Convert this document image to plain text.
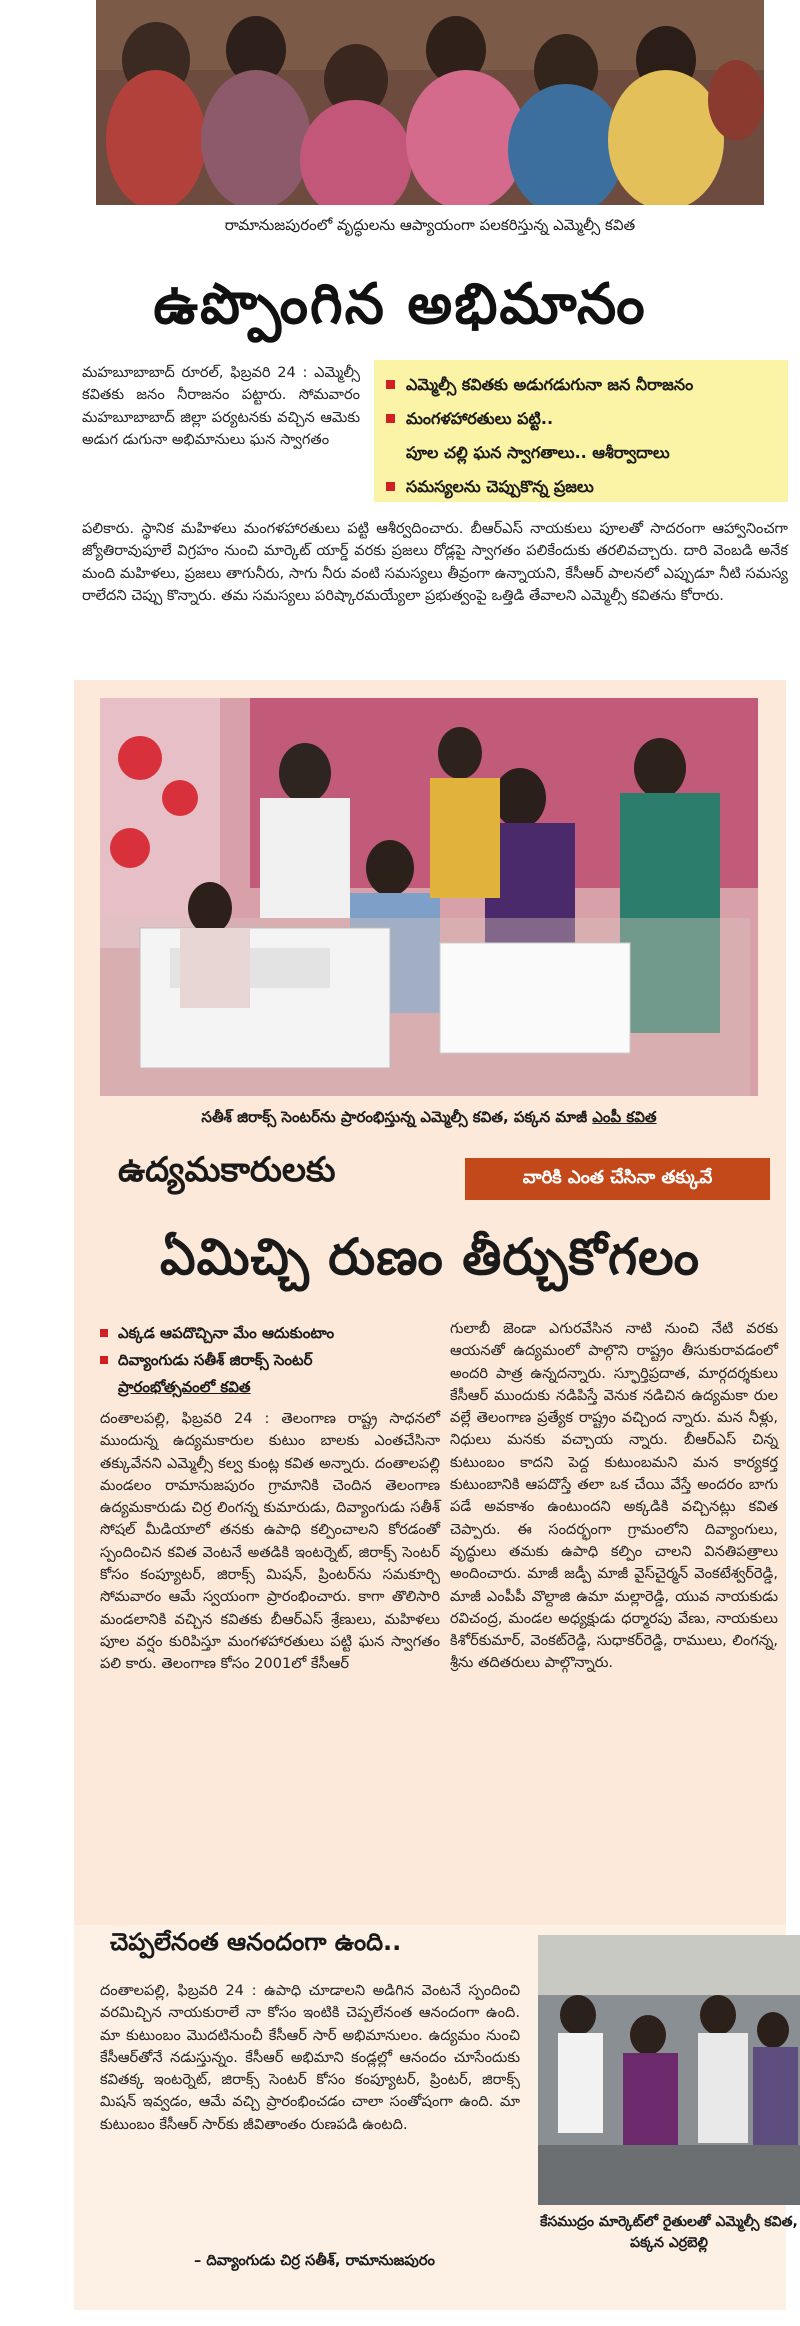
రామానుజపురంలో వృద్ధులను ఆప్యాయంగా పలకరిస్తున్న ఎమ్మెల్సీ కవిత
ఉప్పొంగిన అభిమానం
మహబూబాబాద్ రూరల్, ఫిబ్రవరి 24 : ఎమ్మెల్సీ కవితకు జనం నీరాజనం పట్టారు. సోమవారం మహబూబాబాద్ జిల్లా పర్యటనకు వచ్చిన ఆమెకు అడుగ డుగునా అభిమానులు ఘన స్వాగతం
ఎమ్మెల్సీ కవితకు అడుగడుగునా జన నీరాజనం
మంగళహారతులు పట్టి..
పూల చల్లి ఘన స్వాగతాలు.. ఆశీర్వాదాలు
సమస్యలను చెప్పుకొన్న ప్రజలు
పలికారు. స్థానిక మహిళలు మంగళహారతులు పట్టి ఆశీర్వదించారు. బీఆర్ఎస్ నాయకులు పూలతో సాదరంగా ఆహ్వానించగా జ్యోతిరావుపూలే విగ్రహం నుంచి మార్కెట్ యార్డ్ వరకు ప్రజలు రోడ్లపై స్వాగతం పలికేందుకు తరలివచ్చారు. దారి వెంబడి అనేక మంది మహిళలు, ప్రజలు తాగునీరు, సాగు నీరు వంటి సమస్యలు తీవ్రంగా ఉన్నాయని, కేసీఆర్ పాలనలో ఎప్పుడూ నీటి సమస్య రాలేదని చెప్పు కొన్నారు. తమ సమస్యలు పరిష్కారమయ్యేలా ప్రభుత్వంపై ఒత్తిడి తేవాలని ఎమ్మెల్సీ కవితను కోరారు.
సతీశ్ జిరాక్స్ సెంటర్‌ను ప్రారంభిస్తున్న ఎమ్మెల్సీ కవిత, పక్కన మాజీ ఎంపీ కవిత
ఉద్యమకారులకు	వారికి ఎంత చేసినా తక్కువే
ఏమిచ్చి రుణం తీర్చుకోగలం
ఎక్కడ ఆపదొచ్చినా మేం ఆదుకుంటాం
దివ్యాంగుడు సతీశ్ జిరాక్స్ సెంటర్
ప్రారంభోత్సవంలో కవిత
దంతాలపల్లి, ఫిబ్రవరి 24 : తెలంగాణ రాష్ట్ర సాధనలో ముందున్న ఉద్యమకారుల కుటుం బాలకు ఎంతచేసినా తక్కువేనని ఎమ్మెల్సీ కల్వ కుంట్ల కవిత అన్నారు. దంతాలపల్లి మండలం రామానుజపురం గ్రామానికి చెందిన తెలంగాణ ఉద్యమకారుడు చిర్ర లింగన్న కుమారుడు, దివ్యాంగుడు సతీశ్ సోషల్ మీడియాలో తనకు ఉపాధి కల్పించాలని కోరడంతో స్పందించిన కవిత వెంటనే అతడికి ఇంటర్నెట్, జిరాక్స్ సెంటర్ కోసం కంప్యూటర్, జిరాక్స్ మిషన్, ప్రింటర్‌ను సమకూర్చి సోమవారం ఆమే స్వయంగా ప్రారంభించారు. కాగా తొలిసారి మండలానికి వచ్చిన కవితకు బీఆర్ఎస్ శ్రేణులు, మహిళలు పూల వర్షం కురిపిస్తూ మంగళహారతులు పట్టి ఘన స్వాగతం పలి కారు. తెలంగాణ కోసం 2001లో కేసీఆర్
గులాబీ జెండా ఎగురవేసిన నాటి నుంచి నేటి వరకు ఆయనతో ఉద్యమంలో పాల్గొని రాష్ట్రం తీసుకురావడంలో అందరి పాత్ర ఉన్నదన్నారు. స్ఫూర్తిప్రదాత, మార్గదర్శకులు కేసీఆర్ ముందుకు నడిపిస్తే వెనుక నడిచిన ఉద్యమకా రుల వల్లే తెలంగాణ ప్రత్యేక రాష్ట్రం వచ్చింద న్నారు. మన నీళ్లు, నిధులు మనకు వచ్చాయ న్నారు. బీఆర్ఎస్ చిన్న కుటుంబం కాదని పెద్ద కుటుంబమని మన కార్యకర్త కుటుంబానికి ఆపదొస్తే తలా ఒక చేయి వేస్తే అందరం బాగు పడే అవకాశం ఉంటుందని అక్కడికి వచ్చినట్లు కవిత చెప్పారు. ఈ సందర్భంగా గ్రామంలోని దివ్యాంగులు, వృద్ధులు తమకు ఉపాధి కల్పిం చాలని వినతిపత్రాలు అందించారు. మాజీ జడ్పీ మాజీ వైస్‌చైర్మన్ వెంకటేశ్వర్‌రెడ్డి, మాజీ ఎంపీపీ వొల్దాజి ఉమా మల్లారెడ్డి, యువ నాయకుడు రవిచంద్ర, మండల అధ్యక్షుడు ధర్మారపు వేణు, నాయకులు కిశోర్‌కుమార్, వెంకట్‌రెడ్డి, సుధాకర్‌రెడ్డి, రాములు, లింగన్న, శ్రీను తదితరులు పాల్గొన్నారు.
చెప్పలేనంత ఆనందంగా ఉంది..
దంతాలపల్లి, ఫిబ్రవరి 24 : ఉపాధి చూడాలని అడిగిన వెంటనే స్పందించి వరమిచ్చిన నాయకురాలే నా కోసం ఇంటికి చెప్పలేనంత ఆనందంగా ఉంది. మా కుటుంబం మొదటినుంచీ కేసీఆర్ సార్ అభిమానులం. ఉద్యమం నుంచి కేసీఆర్‌తోనే నడుస్తున్నం. కేసీఆర్ అభిమాని కండ్లల్లో ఆనందం చూసేందుకు కవితక్క ఇంటర్నెట్, జిరాక్స్ సెంటర్ కోసం కంప్యూటర్, ప్రింటర్, జిరాక్స్ మిషన్ ఇవ్వడం, ఆమే వచ్చి ప్రారంభించడం చాలా సంతోషంగా ఉంది. మా కుటుంబం కేసీఆర్ సార్‌కు జీవితాంతం రుణపడి ఉంటది.
– దివ్యాంగుడు చిర్ర సతీశ్, రామానుజపురం
కేసముద్రం మార్కెట్‌లో రైతులతో ఎమ్మెల్సీ కవిత, పక్కన ఎర్రబెల్లి
